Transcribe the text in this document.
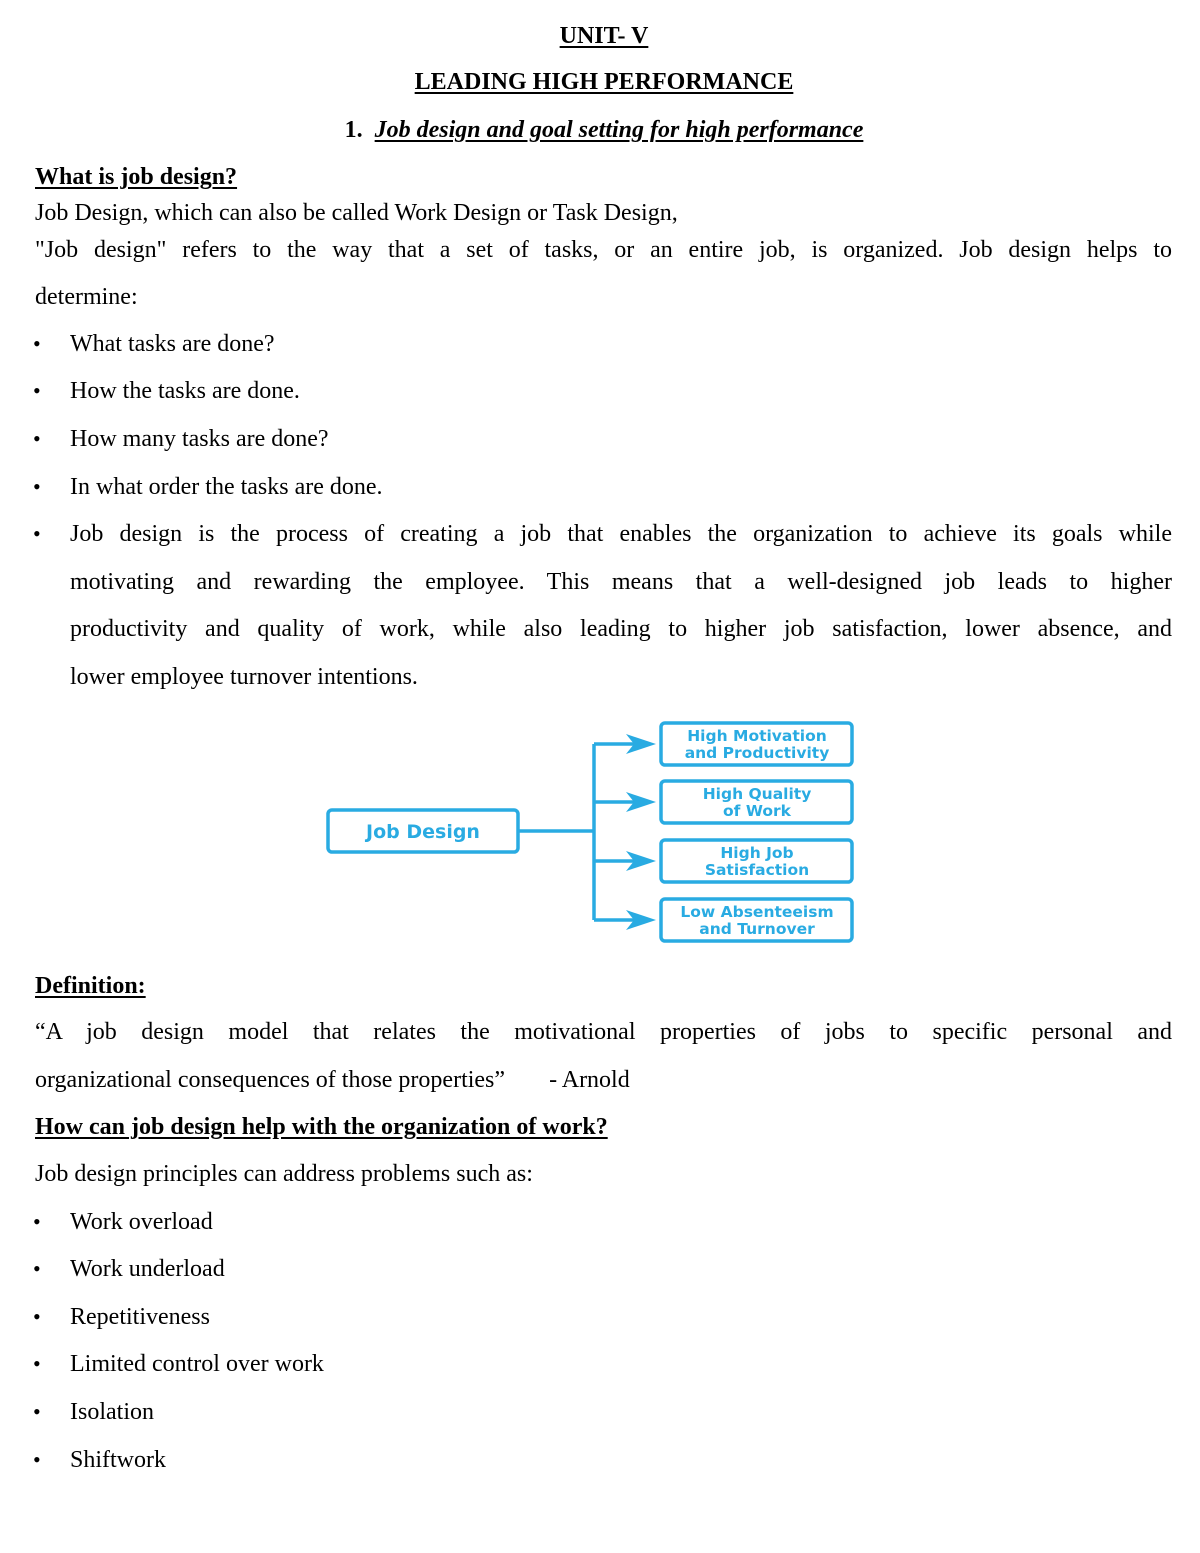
UNIT- V
LEADING HIGH PERFORMANCE
1. Job design and goal setting for high performance
What is job design?
Job Design, which can also be called Work Design or Task Design,
"Job design" refers to the way that a set of tasks, or an entire job, is organized. Job design helps to
determine:
• What tasks are done?
• How the tasks are done.
• How many tasks are done?
• In what order the tasks are done.
• Job design is the process of creating a job that enables the organization to achieve its goals while
motivating and rewarding the employee. This means that a well-designed job leads to higher
productivity and quality of work, while also leading to higher job satisfaction, lower absence, and
lower employee turnover intentions.
Job Design
High Motivation
and Productivity
High Quality
of Work
High Job
Satisfaction
Low Absenteeism
and Turnover
Definition:
“A job design model that relates the motivational properties of jobs to specific personal and
organizational consequences of those properties” - Arnold
How can job design help with the organization of work?
Job design principles can address problems such as:
• Work overload
• Work underload
• Repetitiveness
• Limited control over work
• Isolation
• Shiftwork
